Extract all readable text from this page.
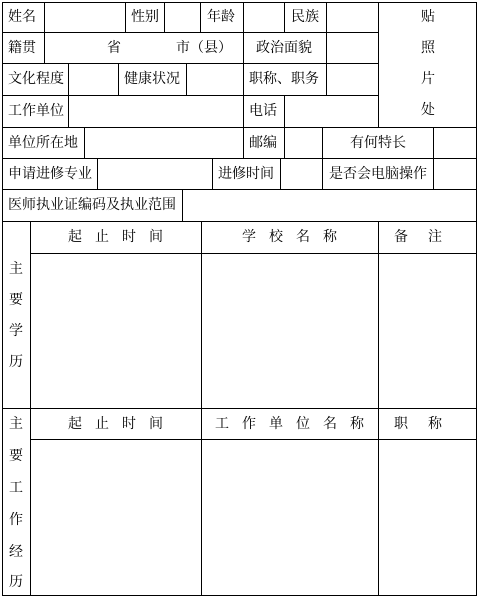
姓名	性别	年龄	民族	贴
照
片
处
籍贯	省	市（县） 政治面貌
文化程度	健康状况	职称、职务
工作单位	电话
单位所在地	邮编	有何特长
申请进修专业	进修时间	是否会电脑操作
医师执业证编码及执业范围
主
要
学
历
起止时间	学校名称	备注
主
要
工
作
经
历
起止时间	工作单位名称 职称
